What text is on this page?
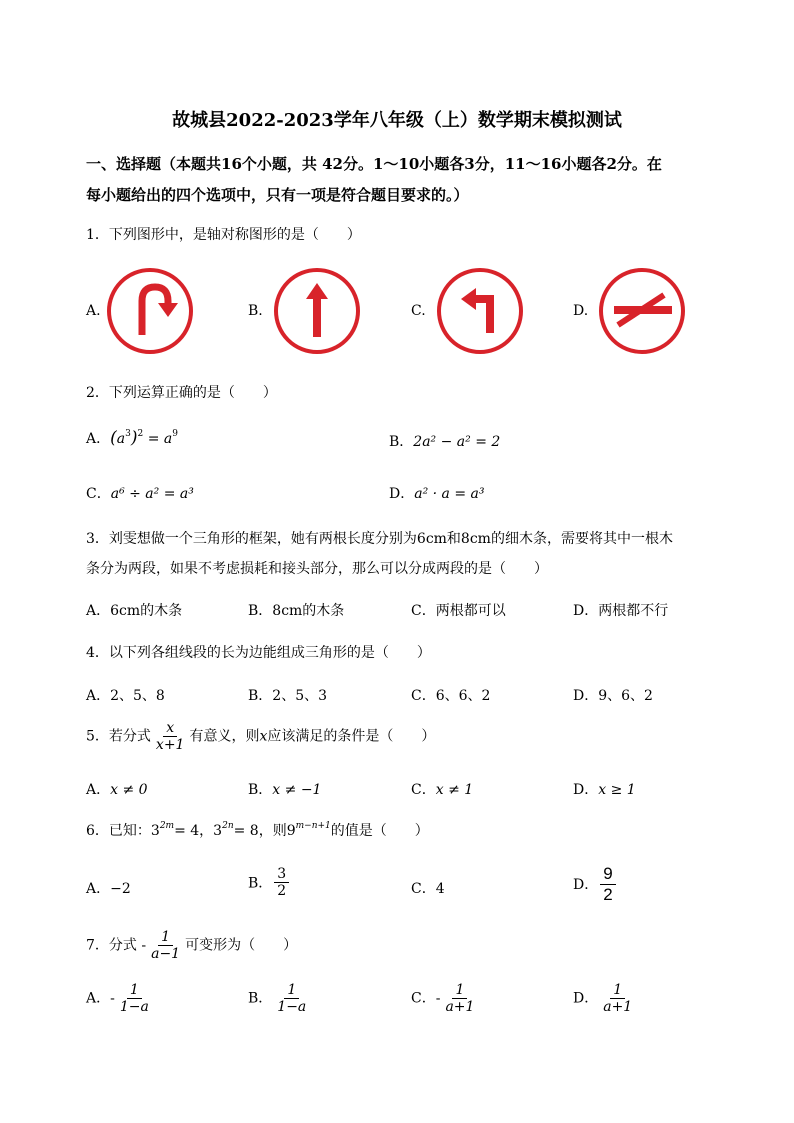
故城县2022-2023学年八年级（上）数学期末模拟测试
一、选择题（本题共16个小题，共 42分。1～10小题各3分，11～16小题各2分。在
每小题给出的四个选项中，只有一项是符合题目要求的。）
1．下列图形中，是轴对称图形的是（　　）
A.	B.	C.	D.
2．下列运算正确的是（　　）
A．$(a^3)^2 = a^9$	B．2a² − a² = 2
C．a⁶ ÷ a² = a³	D．a² · a = a³
3．刘雯想做一个三角形的框架，她有两根长度分别为6cm和8cm的细木条，需要将其中一根木
条分为两段，如果不考虑损耗和接头部分，那么可以分成两段的是（　　）
A．6cm的木条	B．8cm的木条	C．两根都可以	D．两根都不行
4．以下列各组线段的长为边能组成三角形的是（　　）
A．2、5、8	B．2、5、3	C．6、6、2	D．9、6、2
5．若分式 $\frac{x}{x+1}$ 有意义，则x应该满足的条件是（　　）
A．x ≠ 0	B．x ≠ −1	C．x ≠ 1	D．x ≥ 1
6．已知：$3^{2m}= 4$，$3^{2n}= 8$，则$9^{m-n+1}$的值是（　　）
A．−2	B． $\frac{3}{2}$	C．4	D． $\frac{9}{2}$
7．分式 - $\frac{1}{a-1}$ 可变形为（　　）
A．- $\frac{1}{1-a}$	B． $\frac{1}{1-a}$	C．- $\frac{1}{a+1}$	D． $\frac{1}{a+1}$
